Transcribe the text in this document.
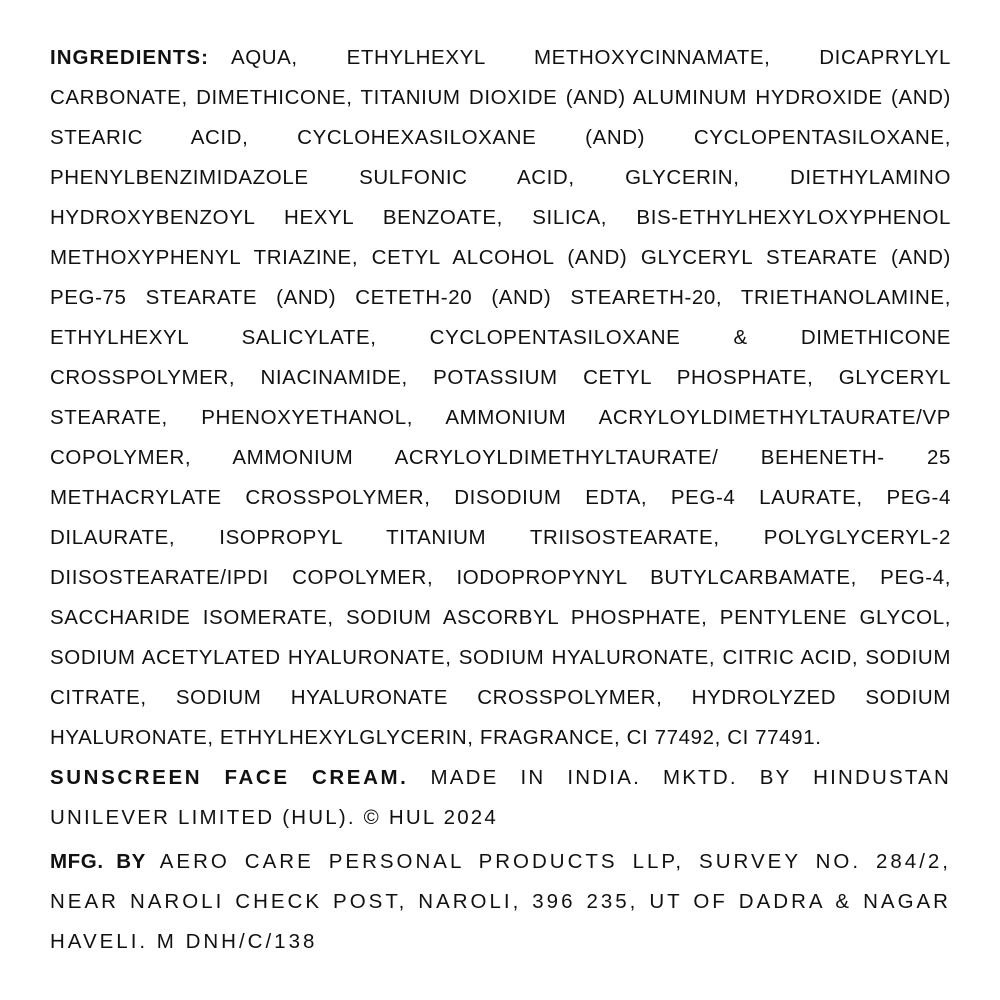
INGREDIENTS: AQUA, ETHYLHEXYL METHOXYCINNAMATE, DICAPRYLYL CARBONATE, DIMETHICONE, TITANIUM DIOXIDE (AND) ALUMINUM HYDROXIDE (AND) STEARIC ACID, CYCLOHEXASILOXANE (AND) CYCLOPENTASILOXANE, PHENYLBENZIMIDAZOLE SULFONIC ACID, GLYCERIN, DIETHYLAMINO HYDROXYBENZOYL HEXYL BENZOATE, SILICA, BIS-ETHYLHEXYLOXYPHENOL METHOXYPHENYL TRIAZINE, CETYL ALCOHOL (AND) GLYCERYL STEARATE (AND) PEG-75 STEARATE (AND) CETETH-20 (AND) STEARETH-20, TRIETHANOLAMINE, ETHYLHEXYL SALICYLATE, CYCLOPENTASILOXANE & DIMETHICONE CROSSPOLYMER, NIACINAMIDE, POTASSIUM CETYL PHOSPHATE, GLYCERYL STEARATE, PHENOXYETHANOL, AMMONIUM ACRYLOYLDIMETHYLTAURATE/VP COPOLYMER, AMMONIUM ACRYLOYLDIMETHYLTAURATE/ BEHENETH- 25 METHACRYLATE CROSSPOLYMER, DISODIUM EDTA, PEG-4 LAURATE, PEG-4 DILAURATE, ISOPROPYL TITANIUM TRIISOSTEARATE, POLYGLYCERYL-2 DIISOSTEARATE/IPDI COPOLYMER, IODOPROPYNYL BUTYLCARBAMATE, PEG-4, SACCHARIDE ISOMERATE, SODIUM ASCORBYL PHOSPHATE, PENTYLENE GLYCOL, SODIUM ACETYLATED HYALURONATE, SODIUM HYALURONATE, CITRIC ACID, SODIUM CITRATE, SODIUM HYALURONATE CROSSPOLYMER, HYDROLYZED SODIUM HYALURONATE, ETHYLHEXYLGLYCERIN, FRAGRANCE, CI 77492, CI 77491.

SUNSCREEN FACE CREAM. MADE IN INDIA. MKTD. BY HINDUSTAN UNILEVER LIMITED (HUL). © HUL 2024

MFG. BY AERO CARE PERSONAL PRODUCTS LLP, SURVEY NO. 284/2, NEAR NAROLI CHECK POST, NAROLI, 396 235, UT OF DADRA & NAGAR HAVELI. M DNH/C/138
